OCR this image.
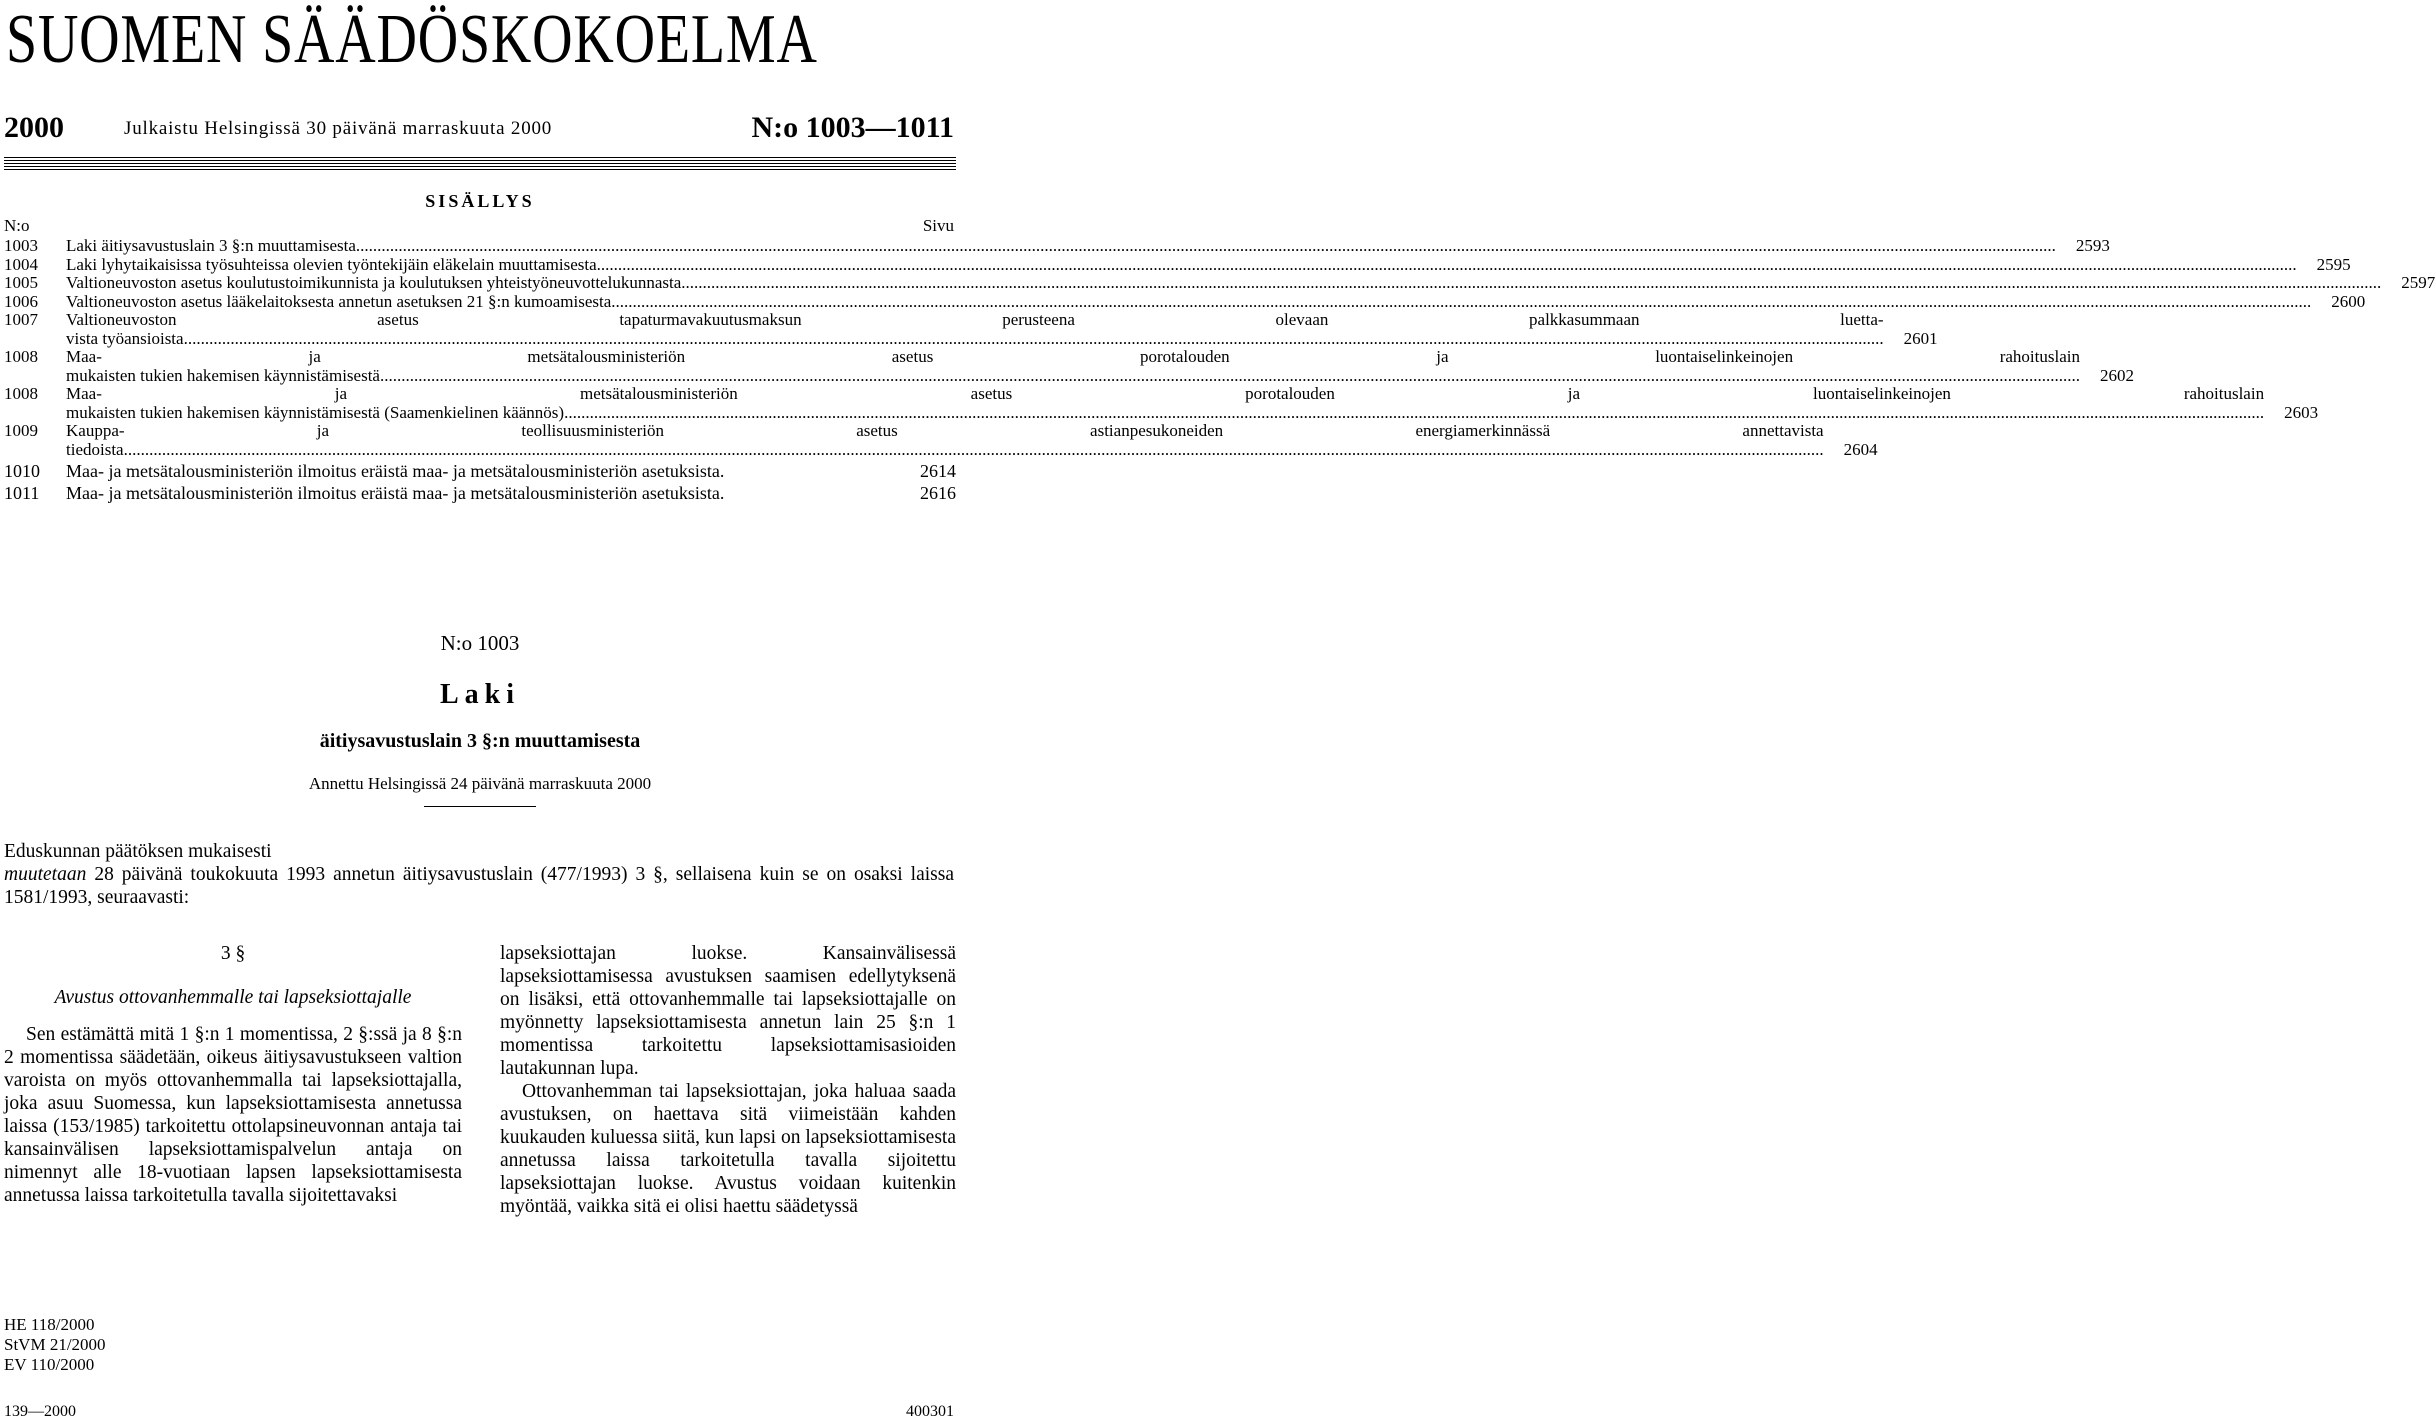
SUOMEN SÄÄDÖSKOKOELMA
2000	Julkaistu Helsingissä 30 päivänä marraskuuta 2000	N:o 1003—1011
SISÄLLYS
N:o	Sivu
1003	Laki äitiysavustuslain 3 §:n muuttamisesta ................................................................................................................................................................................................................................................................................................................................................................................................................	2593
1004	Laki lyhytaikaisissa työsuhteissa olevien työntekijäin eläkelain muuttamisesta ................................................................................................................................................................................................................................................................................................................................................................................................................	2595
1005	Valtioneuvoston asetus koulutustoimikunnista ja koulutuksen yhteistyöneuvottelukunnasta ................................................................................................................................................................................................................................................................................................................................................................................................................	2597
1006	Valtioneuvoston asetus lääkelaitoksesta annetun asetuksen 21 §:n kumoamisesta ................................................................................................................................................................................................................................................................................................................................................................................................................	2600
1007	Valtioneuvoston asetus tapaturmavakuutusmaksun perusteena olevaan palkkasummaan luetta-
vista työansioista ................................................................................................................................................................................................................................................................................................................................................................................................................	2601
1008	Maa- ja metsätalousministeriön asetus porotalouden ja luontaiselinkeinojen rahoituslain
mukaisten tukien hakemisen käynnistämisestä ................................................................................................................................................................................................................................................................................................................................................................................................................	2602
1008	Maa- ja metsätalousministeriön asetus porotalouden ja luontaiselinkeinojen rahoituslain
mukaisten tukien hakemisen käynnistämisestä (Saamenkielinen käännös) ................................................................................................................................................................................................................................................................................................................................................................................................................	2603
1009	Kauppa- ja teollisuusministeriön asetus astianpesukoneiden energiamerkinnässä annettavista
tiedoista ................................................................................................................................................................................................................................................................................................................................................................................................................	2604
1010	Maa- ja metsätalousministeriön ilmoitus eräistä maa- ja metsätalousministeriön asetuksista .	2614
1011	Maa- ja metsätalousministeriön ilmoitus eräistä maa- ja metsätalousministeriön asetuksista .	2616
N:o 1003
Laki
äitiysavustuslain 3 §:n muuttamisesta
Annettu Helsingissä 24 päivänä marraskuuta 2000
Eduskunnan päätöksen mukaisesti
muutetaan 28 päivänä toukokuuta 1993 annetun äitiysavustuslain (477/1993) 3 §, sellaisena kuin se on osaksi laissa 1581/1993, seuraavasti:
3 §
Avustus ottovanhemmalle tai lapseksiottajalle
Sen estämättä mitä 1 §:n 1 momentissa, 2 §:ssä ja 8 §:n 2 momentissa säädetään, oikeus äitiysavustukseen valtion varoista on myös ottovanhemmalla tai lapseksiottajalla, joka asuu Suomessa, kun lapseksiottamisesta annetussa laissa (153/1985) tarkoitettu ottolapsineuvonnan antaja tai kansainvälisen lapseksiottamispalvelun antaja on nimennyt alle 18-vuotiaan lapsen lapseksiottamisesta annetussa laissa tarkoitetulla tavalla sijoitettavaksi
lapseksiottajan luokse. Kansainvälisessä lapseksiottamisessa avustuksen saamisen edellytyksenä on lisäksi, että ottovanhemmalle tai lapseksiottajalle on myönnetty lapseksiottamisesta annetun lain 25 §:n 1 momentissa tarkoitettu lapseksiottamisasioiden lautakunnan lupa.
Ottovanhemman tai lapseksiottajan, joka haluaa saada avustuksen, on haettava sitä viimeistään kahden kuukauden kuluessa siitä, kun lapsi on lapseksiottamisesta annetussa laissa tarkoitetulla tavalla sijoitettu lapseksiottajan luokse. Avustus voidaan kuitenkin myöntää, vaikka sitä ei olisi haettu säädetyssä
HE 118/2000
StVM 21/2000
EV 110/2000
139—2000	400301
